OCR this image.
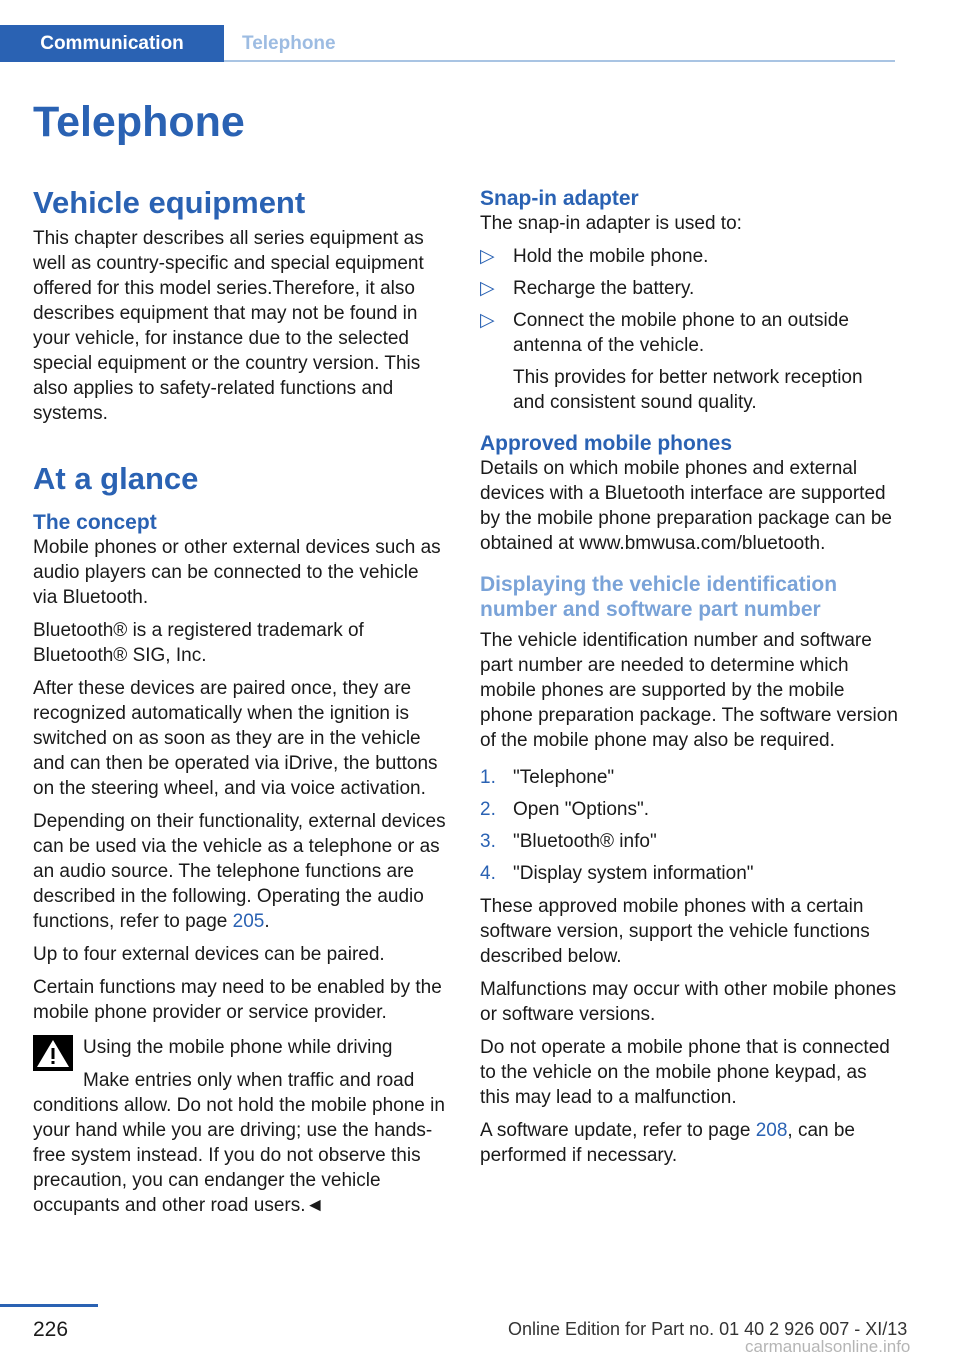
Communication	Telephone
Telephone
Vehicle equipment

This chapter describes all series equipment as well as country-specific and special equipment offered for this model series.Therefore, it also describes equipment that may not be found in your vehicle, for instance due to the selected special equipment or the country version. This also applies to safety-related functions and systems.

At a glance
The concept

Mobile phones or other external devices such as audio players can be connected to the vehicle via Bluetooth.

Bluetooth® is a registered trademark of Bluetooth® SIG, Inc.

After these devices are paired once, they are recognized automatically when the ignition is switched on as soon as they are in the vehicle and can then be operated via iDrive, the buttons on the steering wheel, and via voice activation.

Depending on their functionality, external devices can be used via the vehicle as a telephone or as an audio source. The telephone functions are described in the following. Operating the audio functions, refer to page 205.

Up to four external devices can be paired.

Certain functions may need to be enabled by the mobile phone provider or service provider.

Using the mobile phone while driving
Make entries only when traffic and road
conditions allow. Do not hold the mobile phone in your hand while you are driving; use the hands-free system instead. If you do not observe this precaution, you can endanger the vehicle occupants and other road users.◄
Snap-in adapter

The snap-in adapter is used to:

▷ Hold the mobile phone.
▷ Recharge the battery.
▷ Connect the mobile phone to an outside antenna of the vehicle.
This provides for better network reception and consistent sound quality.
Approved mobile phones

Details on which mobile phones and external devices with a Bluetooth interface are supported by the mobile phone preparation package can be obtained at www.bmwusa.com/bluetooth.

Displaying the vehicle identification number and software part number

The vehicle identification number and software part number are needed to determine which mobile phones are supported by the mobile phone preparation package. The software version of the mobile phone may also be required.

1. "Telephone"
2. Open "Options".
3. "Bluetooth® info"
4. "Display system information"

These approved mobile phones with a certain software version, support the vehicle functions described below.

Malfunctions may occur with other mobile phones or software versions.

Do not operate a mobile phone that is connected to the vehicle on the mobile phone keypad, as this may lead to a malfunction.

A software update, refer to page 208, can be performed if necessary.

226	Online Edition for Part no. 01 40 2 926 007 - XI/13
carmanualsonline.info
